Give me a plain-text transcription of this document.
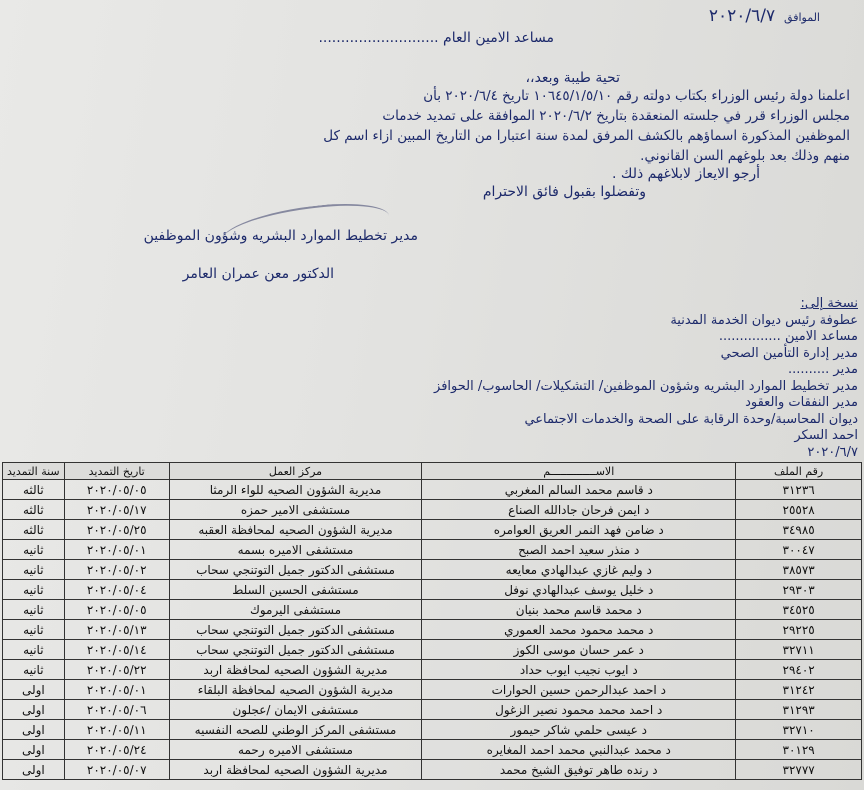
الموافق  ٢٠٢٠/٦/٧
مساعد الامين العام ...........................
تحية طيبة وبعد،،
اعلمنا دولة رئيس الوزراء بكتاب دولته رقم ١٠٦٤٥/١/٥/١٠ تاريخ ٢٠٢٠/٦/٤ بأن
مجلس الوزراء قرر في جلسته المنعقدة بتاريخ ٢٠٢٠/٦/٢ الموافقة على تمديد خدمات
الموظفين المذكورة اسماؤهم بالكشف المرفق لمدة سنة اعتبارا من التاريخ المبين ازاء اسم كل
منهم وذلك بعد بلوغهم السن القانوني.
أرجو الايعاز لابلاغهم ذلك .
وتفضلوا بقبول فائق الاحترام
مدير تخطيط الموارد البشريه وشؤون الموظفين
الدكتور معن عمران العامر
نسخة إلى:
عطوفة رئيس ديوان الخدمة المدنية
مساعد الامين ...............
مدير إدارة التأمين الصحي
مدير ..........
مدير تخطيط الموارد البشريه وشؤون الموظفين/ التشكيلات/ الحاسوب/ الحوافز
مدير النفقات والعقود
ديوان المحاسبة/وحدة الرقابة على الصحة والخدمات الاجتماعي
احمد السكر
٢٠٢٠/٦/٧
رقم الملف	الاســــــــــــــم	مركز العمل	تاريخ التمديد	سنة التمديد
٣١٢٣٦	د قاسم محمد السالم المغربي	مديرية الشؤون الصحيه للواء الرمثا	٢٠٢٠/٠٥/٠٥	ثالثه
٢٥٥٢٨	د ايمن فرحان جادالله الصناع	مستشفى الامير حمزه	٢٠٢٠/٠٥/١٧	ثالثه
٣٤٩٨٥	د ضامن فهد النمر العريق العوامره	مديرية الشؤون الصحيه لمحافظة العقبه	٢٠٢٠/٠٥/٢٥	ثالثه
٣٠٠٤٧	د منذر سعيد احمد الصبح	مستشفى الاميره بسمه	٢٠٢٠/٠٥/٠١	ثانيه
٣٨٥٧٣	د وليم غازي عبدالهادي معايعه	مستشفى الدكتور جميل التوتنجي سحاب	٢٠٢٠/٠٥/٠٢	ثانيه
٢٩٣٠٣	د خليل يوسف عبدالهادي نوفل	مستشفى الحسين السلط	٢٠٢٠/٠٥/٠٤	ثانيه
٣٤٥٢٥	د محمد قاسم محمد بنيان	مستشفى اليرموك	٢٠٢٠/٠٥/٠٥	ثانيه
٢٩٢٢٥	د محمد محمود محمد العموري	مستشفى الدكتور جميل التوتنجي سحاب	٢٠٢٠/٠٥/١٣	ثانيه
٣٢٧١١	د عمر حسان موسى الكوز	مستشفى الدكتور جميل التوتنجي سحاب	٢٠٢٠/٠٥/١٤	ثانيه
٢٩٤٠٢	د ايوب نجيب ايوب حداد	مديرية الشؤون الصحيه لمحافظة اربد	٢٠٢٠/٠٥/٢٢	ثانيه
٣١٢٤٢	د احمد عبدالرحمن حسين الحوارات	مديرية الشؤون الصحيه لمحافظة البلقاء	٢٠٢٠/٠٥/٠١	اولى
٣١٢٩٣	د احمد محمد محمود نصير الزغول	مستشفى الايمان /عجلون	٢٠٢٠/٠٥/٠٦	اولى
٣٢٧١٠	د عيسى حلمي شاكر حيمور	مستشفى المركز الوطني للصحه النفسيه	٢٠٢٠/٠٥/١١	اولى
٣٠١٢٩	د محمد عبدالنبي محمد احمد المغايره	مستشفى الاميره رحمه	٢٠٢٠/٠٥/٢٤	اولى
٣٢٧٧٧	د رنده طاهر توفيق الشيخ محمد	مديرية الشؤون الصحيه لمحافظة اربد	٢٠٢٠/٠٥/٠٧	اولى
